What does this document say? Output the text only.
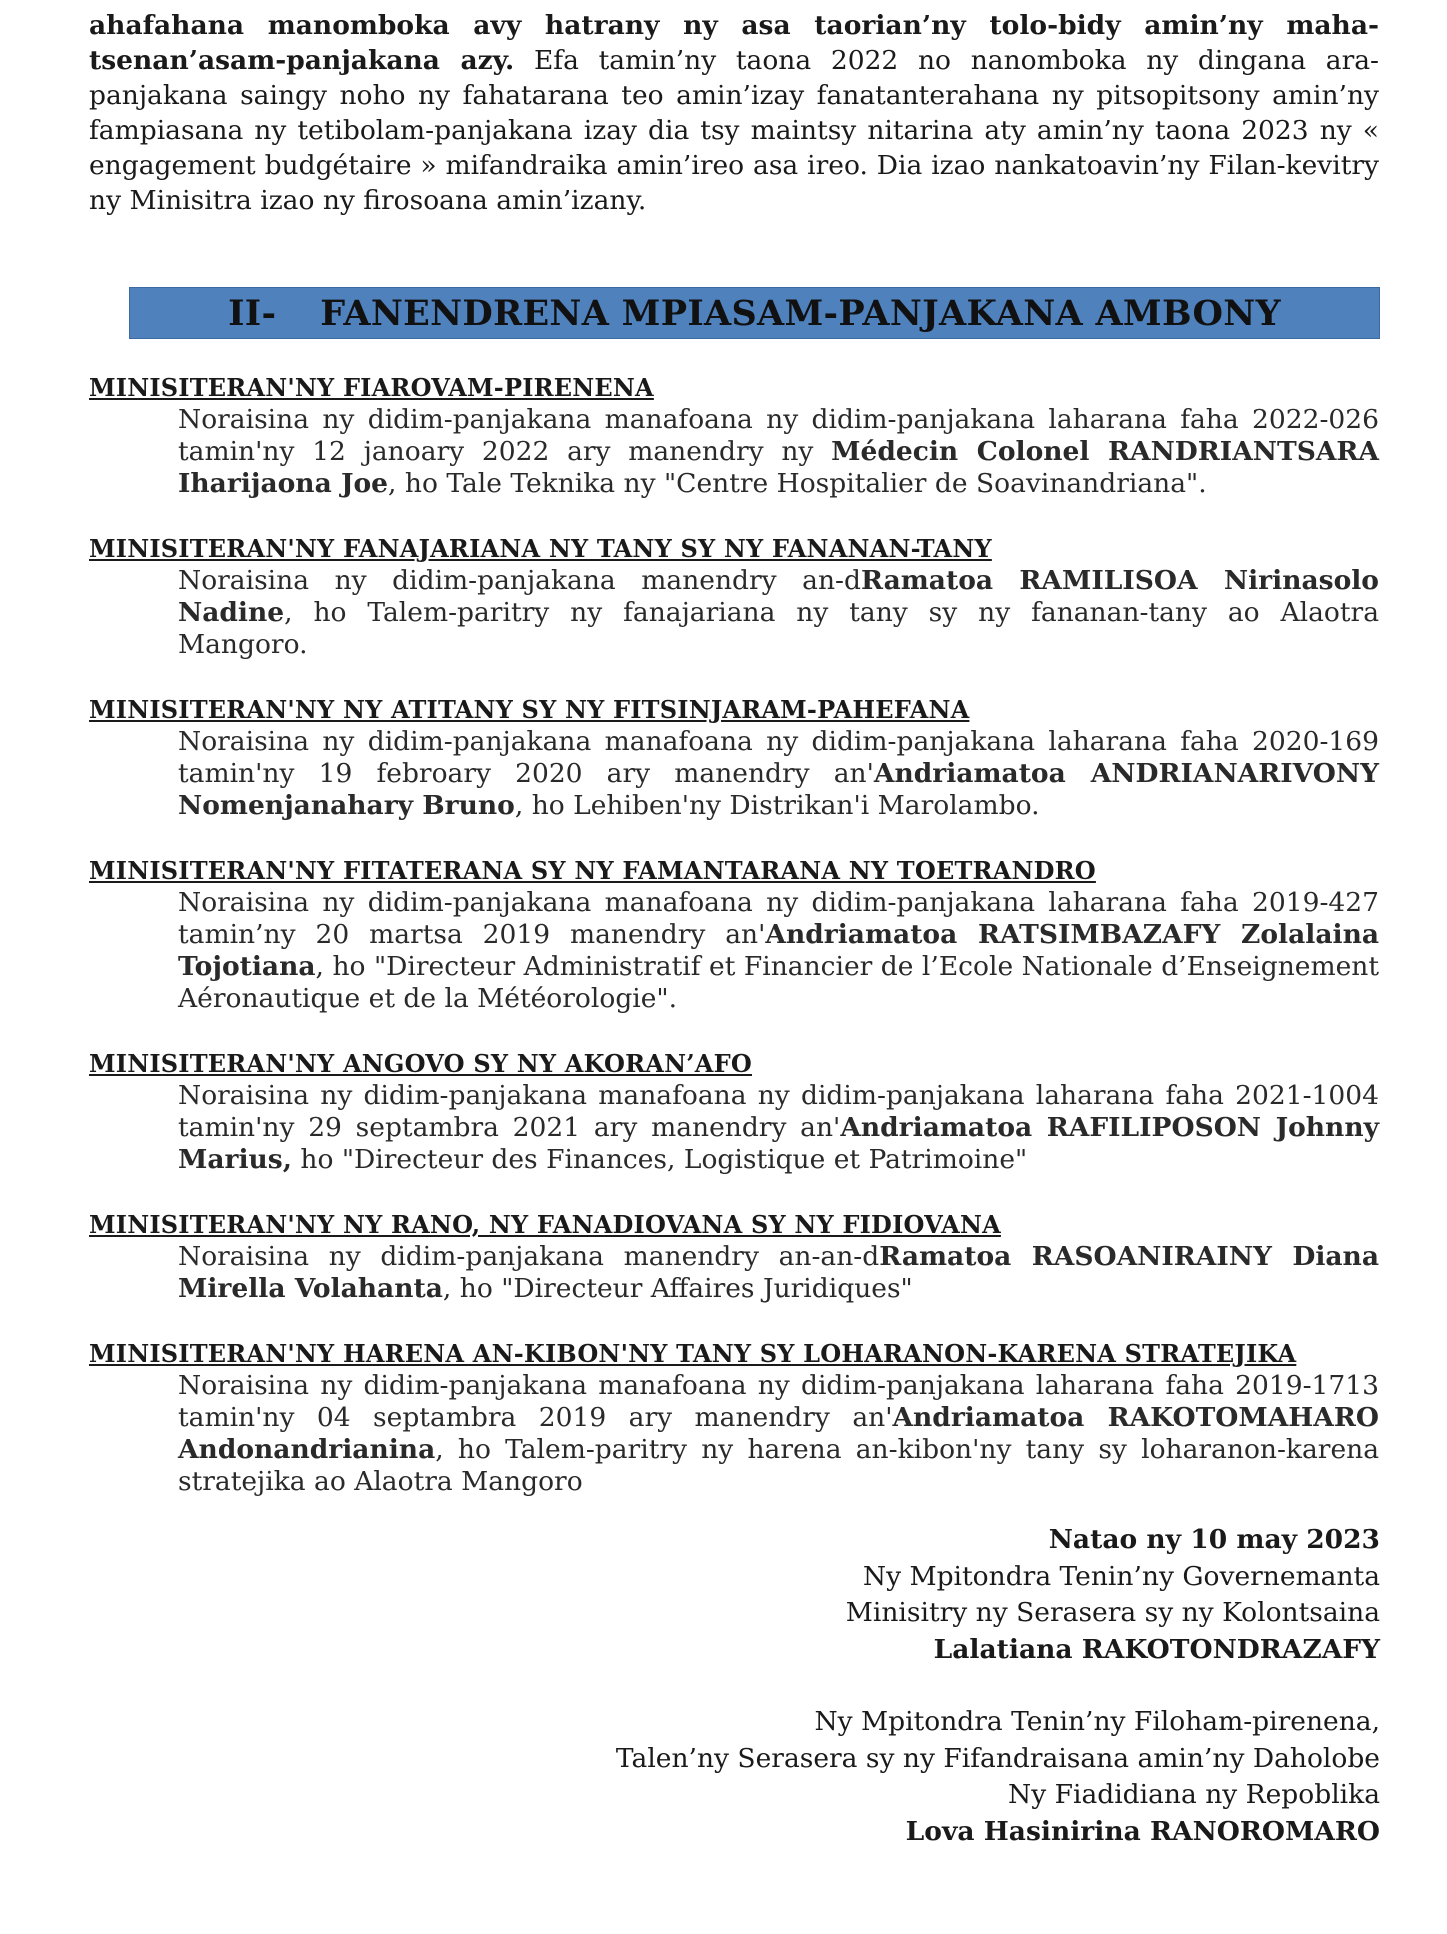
ahafahana manomboka avy hatrany ny asa taorian’ny tolo-bidy amin’ny maha-tsenan’asam-panjakana azy. Efa tamin’ny taona 2022 no nanomboka ny dingana ara-panjakana saingy noho ny fahatarana teo amin’izay fanatanterahana ny pitsopitsony amin’ny fampiasana ny tetibolam-panjakana izay dia tsy maintsy nitarina aty amin’ny taona 2023 ny « engagement budgétaire » mifandraika amin’ireo asa ireo. Dia izao nankatoavin’ny Filan-kevitry ny Minisitra izao ny firosoana amin’izany.

II- FANENDRENA MPIASAM-PANJAKANA AMBONY

MINISITERAN'NY FIAROVAM-PIRENENA

Noraisina ny didim-panjakana manafoana ny didim-panjakana laharana faha 2022-026 tamin'ny 12 janoary 2022 ary manendry ny Médecin Colonel RANDRIANTSARA Iharijaona Joe, ho Tale Teknika ny "Centre Hospitalier de Soavinandriana".

MINISITERAN'NY FANAJARIANA NY TANY SY NY FANANAN-TANY

Noraisina ny didim-panjakana manendry an-dRamatoa RAMILISOA Nirinasolo Nadine, ho Talem-paritry ny fanajariana ny tany sy ny fananan-tany ao Alaotra Mangoro.

MINISITERAN'NY NY ATITANY SY NY FITSINJARAM-PAHEFANA

Noraisina ny didim-panjakana manafoana ny didim-panjakana laharana faha 2020-169 tamin'ny 19 febroary 2020 ary manendry an'Andriamatoa ANDRIANARIVONY Nomenjanahary Bruno, ho Lehiben'ny Distrikan'i Marolambo.

MINISITERAN'NY FITATERANA SY NY FAMANTARANA NY TOETRANDRO

Noraisina ny didim-panjakana manafoana ny didim-panjakana laharana faha 2019-427 tamin’ny 20 martsa 2019 manendry an'Andriamatoa RATSIMBAZAFY Zolalaina Tojotiana, ho "Directeur Administratif et Financier de l’Ecole Nationale d’Enseignement Aéronautique et de la Météorologie".

MINISITERAN'NY ANGOVO SY NY AKORAN’AFO

Noraisina ny didim-panjakana manafoana ny didim-panjakana laharana faha 2021-1004 tamin'ny 29 septambra 2021 ary manendry an'Andriamatoa RAFILIPOSON Johnny Marius, ho "Directeur des Finances, Logistique et Patrimoine"

MINISITERAN'NY NY RANO, NY FANADIOVANA SY NY FIDIOVANA

Noraisina ny didim-panjakana manendry an-an-dRamatoa RASOANIRAINY Diana Mirella Volahanta, ho "Directeur Affaires Juridiques"

MINISITERAN'NY HARENA AN-KIBON'NY TANY SY LOHARANON-KARENA STRATEJIKA

Noraisina ny didim-panjakana manafoana ny didim-panjakana laharana faha 2019-1713 tamin'ny 04 septambra 2019 ary manendry an'Andriamatoa RAKOTOMAHARO Andonandrianina, ho Talem-paritry ny harena an-kibon'ny tany sy loharanon-karena stratejika ao Alaotra Mangoro

Natao ny 10 may 2023

Ny Mpitondra Tenin’ny Governemanta

Minisitry ny Serasera sy ny Kolontsaina

Lalatiana RAKOTONDRAZAFY

Ny Mpitondra Tenin’ny Filoham-pirenena,

Talen’ny Serasera sy ny Fifandraisana amin’ny Daholobe

Ny Fiadidiana ny Repoblika

Lova Hasinirina RANOROMARO
